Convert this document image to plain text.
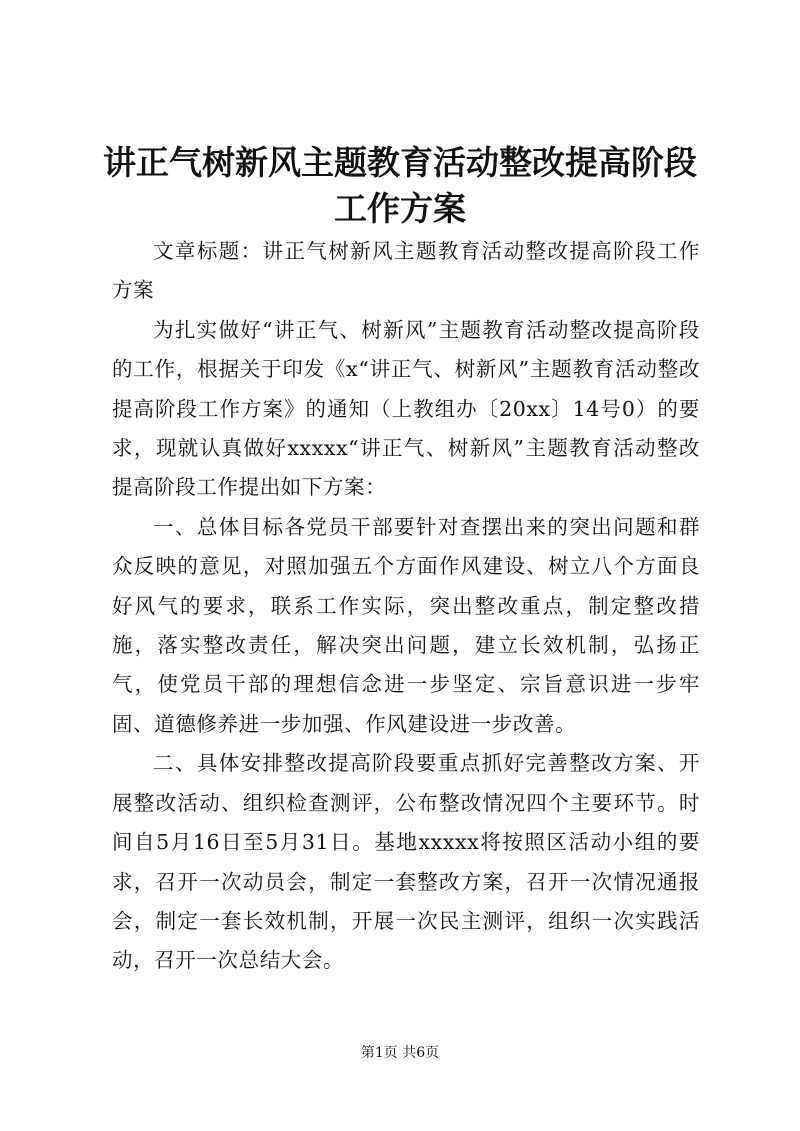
讲正气树新风主题教育活动整改提高阶段工作方案

文章标题：讲正气树新风主题教育活动整改提高阶段工作方案

为扎实做好“讲正气、树新风”主题教育活动整改提高阶段的工作，根据关于印发《x“讲正气、树新风”主题教育活动整改提高阶段工作方案》的通知（上教组办〔20xx〕14号0）的要求，现就认真做好xxxxx“讲正气、树新风”主题教育活动整改提高阶段工作提出如下方案：

一、总体目标各党员干部要针对查摆出来的突出问题和群众反映的意见，对照加强五个方面作风建设、树立八个方面良好风气的要求，联系工作实际，突出整改重点，制定整改措施，落实整改责任，解决突出问题，建立长效机制，弘扬正气，使党员干部的理想信念进一步坚定、宗旨意识进一步牢固、道德修养进一步加强、作风建设进一步改善。

二、具体安排整改提高阶段要重点抓好完善整改方案、开展整改活动、组织检查测评，公布整改情况四个主要环节。时间自5月16日至5月31日。基地xxxxx将按照区活动小组的要求，召开一次动员会，制定一套整改方案，召开一次情况通报会，制定一套长效机制，开展一次民主测评，组织一次实践活动，召开一次总结大会。

第1页 共6页
